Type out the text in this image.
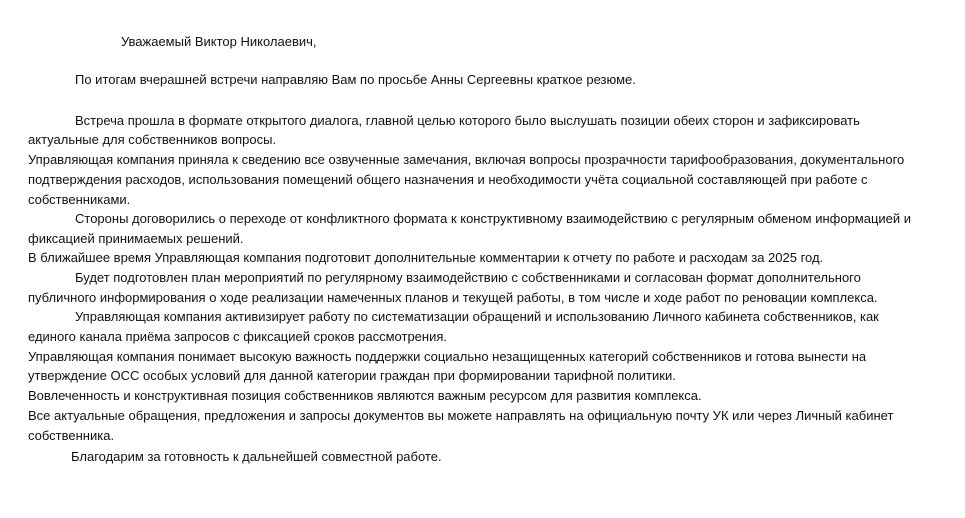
Уважаемый Виктор Николаевич,
По итогам вчерашней встречи направляю Вам по просьбе Анны Сергеевны краткое резюме.
Встреча прошла в формате открытого диалога, главной целью которого было выслушать позиции обеих сторон и зафиксировать
актуальные для собственников вопросы.
Управляющая компания приняла к сведению все озвученные замечания, включая вопросы прозрачности тарифообразования, документального
подтверждения расходов, использования помещений общего назначения и необходимости учёта социальной составляющей при работе с
собственниками.
Стороны договорились о переходе от конфликтного формата к конструктивному взаимодействию с регулярным обменом информацией и
фиксацией принимаемых решений.
В ближайшее время Управляющая компания подготовит дополнительные комментарии к отчету по работе и расходам за 2025 год.
Будет подготовлен план мероприятий по регулярному взаимодействию с собственниками и согласован формат дополнительного
публичного информирования о ходе реализации намеченных планов и текущей работы, в том числе и ходе работ по реновации комплекса.
Управляющая компания активизирует работу по систематизации обращений и использованию Личного кабинета собственников, как
единого канала приёма запросов с фиксацией сроков рассмотрения.
Управляющая компания понимает высокую важность поддержки социально незащищенных категорий собственников и готова вынести на
утверждение ОСС особых условий для данной категории граждан при формировании тарифной политики.
Вовлеченность и конструктивная позиция собственников являются важным ресурсом для развития комплекса.
Все актуальные обращения, предложения и запросы документов вы можете направлять на официальную почту УК или через Личный кабинет
собственника.
Благодарим за готовность к дальнейшей совместной работе.
